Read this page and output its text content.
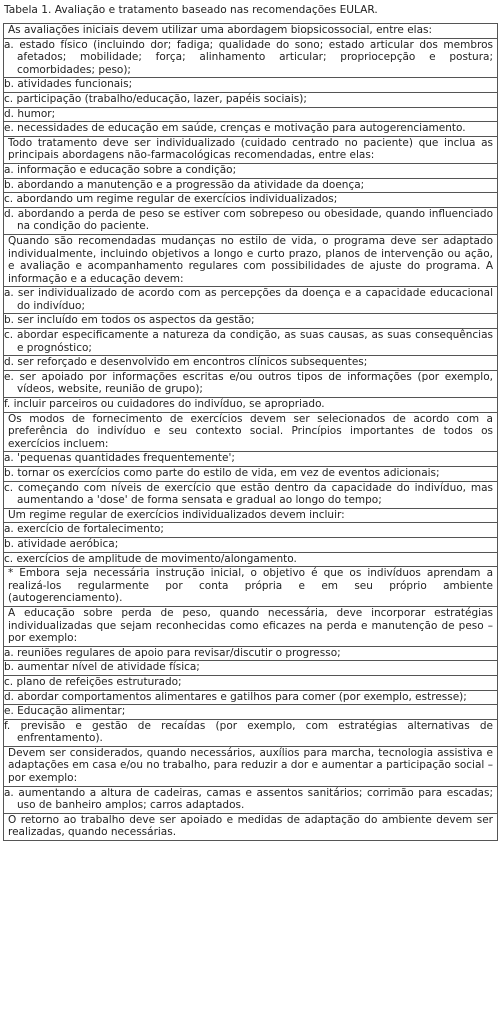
Tabela 1. Avaliação e tratamento baseado nas recomendações EULAR.
As avaliações iniciais devem utilizar uma abordagem biopsicossocial, entre elas:
a. estado físico (incluindo dor; fadiga; qualidade do sono; estado articular dos membros afetados; mobilidade; força; alinhamento articular; propriocepção e postura; comorbidades; peso);
b. atividades funcionais;
c. participação (trabalho/educação, lazer, papéis sociais);
d. humor;
e. necessidades de educação em saúde, crenças e motivação para autogerenciamento.
Todo tratamento deve ser individualizado (cuidado centrado no paciente) que inclua as principais abordagens não-farmacológicas recomendadas, entre elas:
a. informação e educação sobre a condição;
b. abordando a manutenção e a progressão da atividade da doença;
c. abordando um regime regular de exercícios individualizados;
d. abordando a perda de peso se estiver com sobrepeso ou obesidade, quando influenciado na condição do paciente.
Quando são recomendadas mudanças no estilo de vida, o programa deve ser adaptado individualmente, incluindo objetivos a longo e curto prazo, planos de intervenção ou ação, e avaliação e acompanhamento regulares com possibilidades de ajuste do programa. A informação e a educação devem:
a. ser individualizado de acordo com as percepções da doença e a capacidade educacional do indivíduo;
b. ser incluído em todos os aspectos da gestão;
c. abordar especificamente a natureza da condição, as suas causas, as suas consequências e prognóstico;
d. ser reforçado e desenvolvido em encontros clínicos subsequentes;
e. ser apoiado por informações escritas e/ou outros tipos de informações (por exemplo, vídeos, website, reunião de grupo);
f. incluir parceiros ou cuidadores do indivíduo, se apropriado.
Os modos de fornecimento de exercícios devem ser selecionados de acordo com a preferência do indivíduo e seu contexto social. Princípios importantes de todos os exercícios incluem:
a. 'pequenas quantidades frequentemente';
b. tornar os exercícios como parte do estilo de vida, em vez de eventos adicionais;
c. começando com níveis de exercício que estão dentro da capacidade do indivíduo, mas aumentando a 'dose' de forma sensata e gradual ao longo do tempo;
Um regime regular de exercícios individualizados devem incluir:
a. exercício de fortalecimento;
b. atividade aeróbica;
c. exercícios de amplitude de movimento/alongamento.
* Embora seja necessária instrução inicial, o objetivo é que os indivíduos aprendam a realizá-los regularmente por conta própria e em seu próprio ambiente (autogerenciamento).
A educação sobre perda de peso, quando necessária, deve incorporar estratégias individualizadas que sejam reconhecidas como eficazes na perda e manutenção de peso – por exemplo:
a. reuniões regulares de apoio para revisar/discutir o progresso;
b. aumentar nível de atividade física;
c. plano de refeições estruturado;
d. abordar comportamentos alimentares e gatilhos para comer (por exemplo, estresse);
e. Educação alimentar;
f. previsão e gestão de recaídas (por exemplo, com estratégias alternativas de enfrentamento).
Devem ser considerados, quando necessários, auxílios para marcha, tecnologia assistiva e adaptações em casa e/ou no trabalho, para reduzir a dor e aumentar a participação social – por exemplo:
a. aumentando a altura de cadeiras, camas e assentos sanitários; corrimão para escadas; uso de banheiro amplos; carros adaptados.
O retorno ao trabalho deve ser apoiado e medidas de adaptação do ambiente devem ser realizadas, quando necessárias.
